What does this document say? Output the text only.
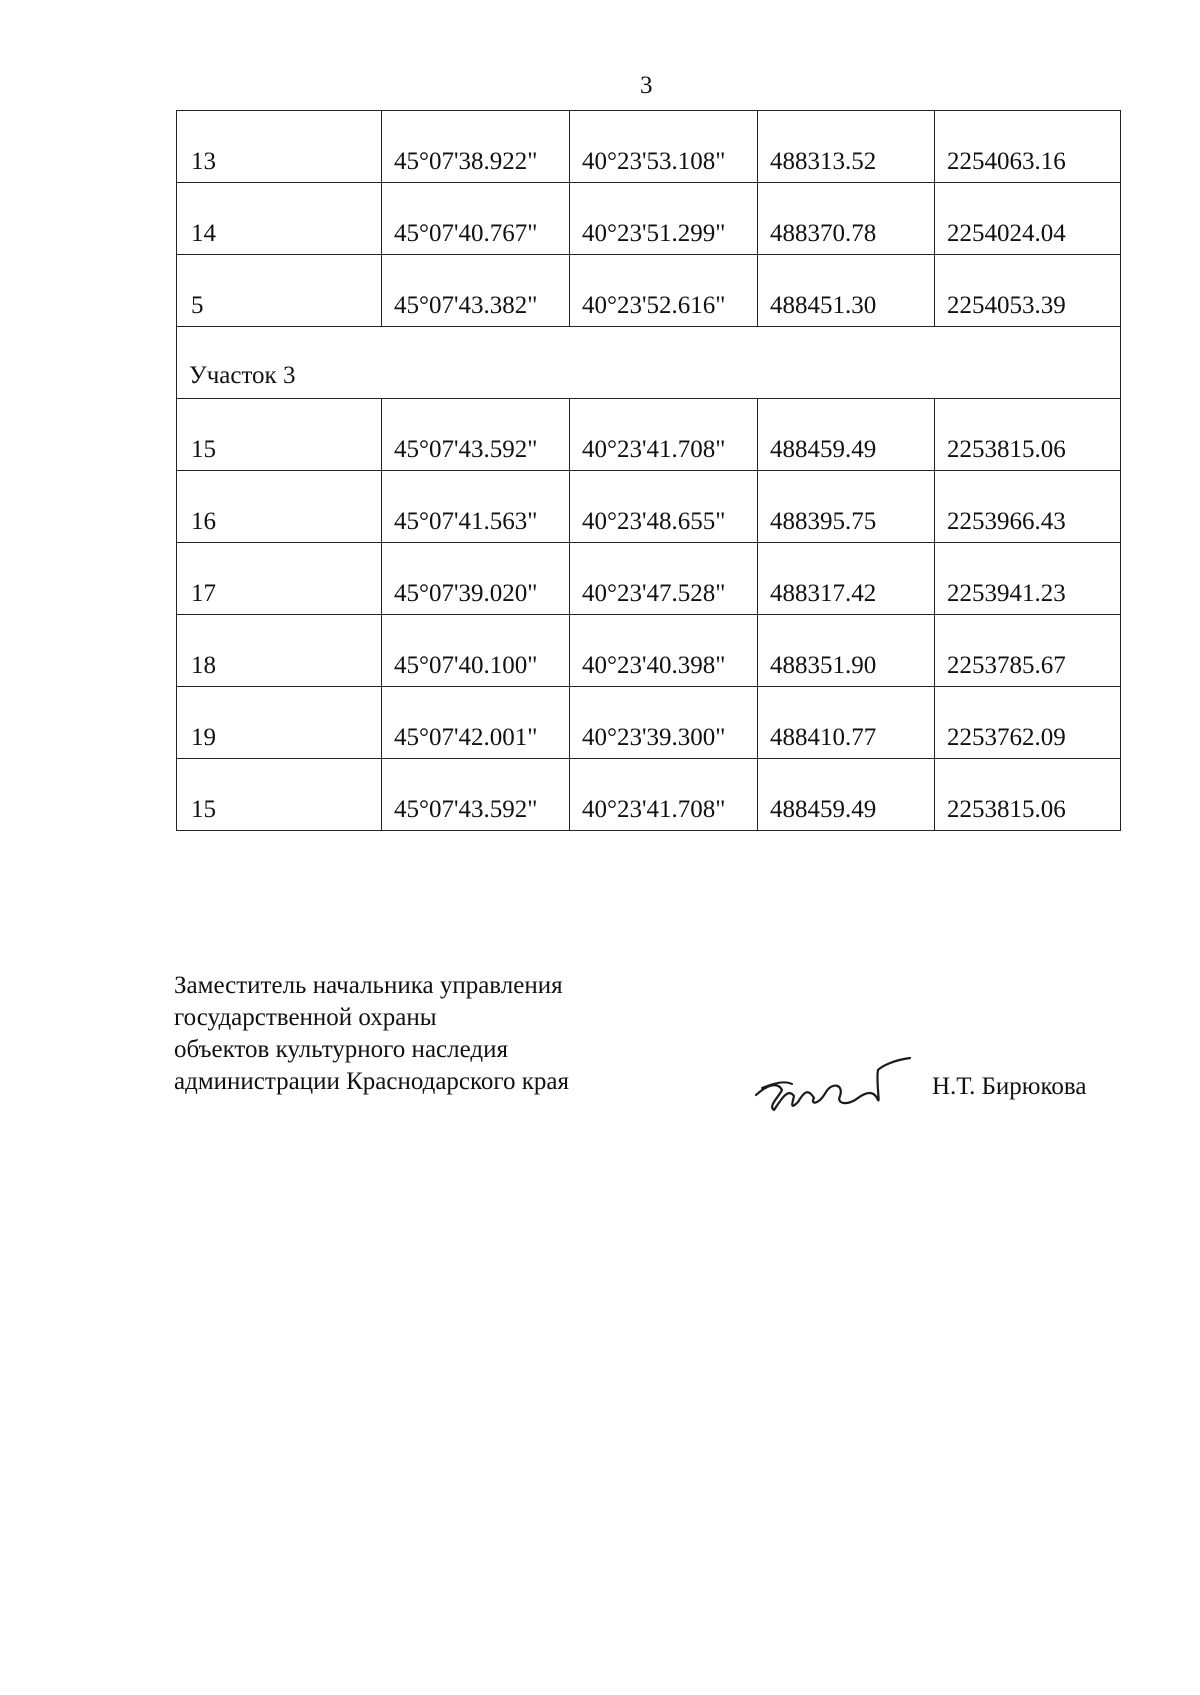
3
13	45°07'38.922"	40°23'53.108"	488313.52	2254063.16
14	45°07'40.767"	40°23'51.299"	488370.78	2254024.04
5	45°07'43.382"	40°23'52.616"	488451.30	2254053.39
Участок 3				
15	45°07'43.592"	40°23'41.708"	488459.49	2253815.06
16	45°07'41.563"	40°23'48.655"	488395.75	2253966.43
17	45°07'39.020"	40°23'47.528"	488317.42	2253941.23
18	45°07'40.100"	40°23'40.398"	488351.90	2253785.67
19	45°07'42.001"	40°23'39.300"	488410.77	2253762.09
15	45°07'43.592"	40°23'41.708"	488459.49	2253815.06
Заместитель начальника управления
государственной охраны
объектов культурного наследия
администрации Краснодарского края	Н.Т. Бирюкова
